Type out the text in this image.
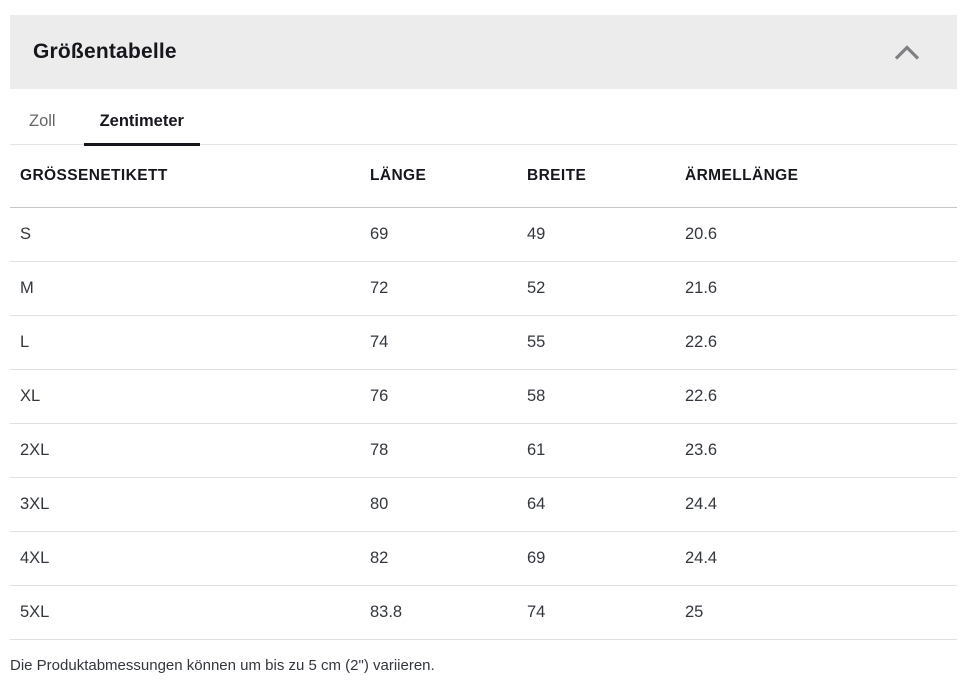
Größentabelle
Zoll	Zentimeter
GRÖSSENETIKETT	LÄNGE	BREITE	ÄRMELLÄNGE
S	69	49	20.6
M	72	52	21.6
L	74	55	22.6
XL	76	58	22.6
2XL	78	61	23.6
3XL	80	64	24.4
4XL	82	69	24.4
5XL	83.8	74	25
Die Produktabmessungen können um bis zu 5 cm (2") variieren.
